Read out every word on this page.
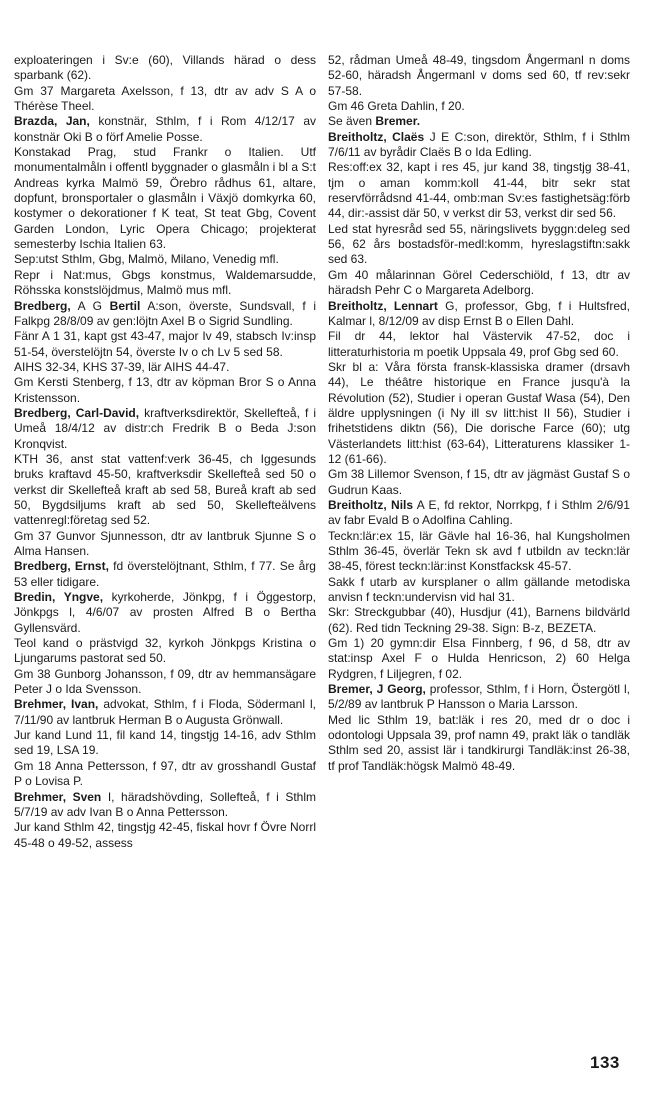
exploateringen i Sv:e (60), Villands härad o dess sparbank (62).

Gm 37 Margareta Axelsson, f 13, dtr av adv S A o Thérèse Theel.

Brazda, Jan, konstnär, Sthlm, f i Rom 4/12/17 av konstnär Oki B o förf Amelie Posse.

Konstakad Prag, stud Frankr o Italien. Utf monumentalmåln i offentl byggnader o glasmåln i bl a S:t Andreas kyrka Malmö 59, Örebro rådhus 61, altare, dopfunt, bronsportaler o glasmåln i Växjö domkyrka 60, kostymer o dekorationer f K teat, St teat Gbg, Covent Garden London, Lyric Opera Chicago; projekterat semesterby Ischia Italien 63.

Sep:utst Sthlm, Gbg, Malmö, Milano, Venedig mfl.

Repr i Nat:mus, Gbgs konstmus, Waldemarsudde, Röhsska konstslöjdmus, Malmö mus mfl.

Bredberg, A G Bertil A:son, överste, Sundsvall, f i Falkpg 28/8/09 av gen:löjtn Axel B o Sigrid Sundling.

Fänr A 1 31, kapt gst 43-47, major Iv 49, stabsch Iv:insp 51-54, överstelöjtn 54, överste Iv o ch Lv 5 sed 58.

AIHS 32-34, KHS 37-39, lär AIHS 44-47.

Gm Kersti Stenberg, f 13, dtr av köpman Bror S o Anna Kristensson.

Bredberg, Carl-David, kraftverksdirektör, Skellefteå, f i Umeå 18/4/12 av distr:ch Fredrik B o Beda J:son Kronqvist.

KTH 36, anst stat vattenf:verk 36-45, ch Iggesunds bruks kraftavd 45-50, kraftverksdir Skellefteå sed 50 o verkst dir Skellefteå kraft ab sed 58, Bureå kraft ab sed 50, Bygdsiljums kraft ab sed 50, Skellefteälvens vattenregl:företag sed 52.

Gm 37 Gunvor Sjunnesson, dtr av lantbruk Sjunne S o Alma Hansen.

Bredberg, Ernst, fd överstelöjtnant, Sthlm, f 77. Se årg 53 eller tidigare.

Bredin, Yngve, kyrkoherde, Jönkpg, f i Öggestorp, Jönkpgs l, 4/6/07 av prosten Alfred B o Bertha Gyllensvärd.

Teol kand o prästvigd 32, kyrkoh Jönkpgs Kristina o Ljungarums pastorat sed 50.

Gm 38 Gunborg Johansson, f 09, dtr av hemmansägare Peter J o Ida Svensson.

Brehmer, Ivan, advokat, Sthlm, f i Floda, Södermanl l, 7/11/90 av lantbruk Herman B o Augusta Grönwall.

Jur kand Lund 11, fil kand 14, tingstjg 14-16, adv Sthlm sed 19, LSA 19.

Gm 18 Anna Pettersson, f 97, dtr av grosshandl Gustaf P o Lovisa P.

Brehmer, Sven I, häradshövding, Sollefteå, f i Sthlm 5/7/19 av adv Ivan B o Anna Pettersson.

Jur kand Sthlm 42, tingstjg 42-45, fiskal hovr f Övre Norrl 45-48 o 49-52, assess

52, rådman Umeå 48-49, tingsdom Ångermanl n doms 52-60, häradsh Ångermanl v doms sed 60, tf rev:sekr 57-58.

Gm 46 Greta Dahlin, f 20.

Se även Bremer.

Breitholtz, Claës J E C:son, direktör, Sthlm, f i Sthlm 7/6/11 av byrådir Claës B o Ida Edling.

Res:off:ex 32, kapt i res 45, jur kand 38, tingstjg 38-41, tjm o aman komm:koll 41-44, bitr sekr stat reservförrådsnd 41-44, omb:man Sv:es fastighetsäg:förb 44, dir:-assist där 50, v verkst dir 53, verkst dir sed 56.

Led stat hyresråd sed 55, näringslivets byggn:deleg sed 56, 62 års bostadsför-medl:komm, hyreslagstiftn:sakk sed 63.

Gm 40 målarinnan Görel Cederschiöld, f 13, dtr av häradsh Pehr C o Margareta Adelborg.

Breitholtz, Lennart G, professor, Gbg, f i Hultsfred, Kalmar l, 8/12/09 av disp Ernst B o Ellen Dahl.

Fil dr 44, lektor hal Västervik 47-52, doc i litteraturhistoria m poetik Uppsala 49, prof Gbg sed 60.

Skr bl a: Våra första fransk-klassiska dramer (drsavh 44), Le théâtre historique en France jusqu'à la Révolution (52), Studier i operan Gustaf Wasa (54), Den äldre upplysningen (i Ny ill sv litt:hist II 56), Studier i frihetstidens diktn (56), Die dorische Farce (60); utg Västerlandets litt:hist (63-64), Litteraturens klassiker 1-12 (61-66).

Gm 38 Lillemor Svenson, f 15, dtr av jägmäst Gustaf S o Gudrun Kaas.

Breitholtz, Nils A E, fd rektor, Norrkpg, f i Sthlm 2/6/91 av fabr Evald B o Adolfina Cahling.

Teckn:lär:ex 15, lär Gävle hal 16-36, hal Kungsholmen Sthlm 36-45, överlär Tekn sk avd f utbildn av teckn:lär 38-45, förest teckn:lär:inst Konstfacksk 45-57.

Sakk f utarb av kursplaner o allm gällande metodiska anvisn f teckn:undervisn vid hal 31.

Skr: Streckgubbar (40), Husdjur (41), Barnens bildvärld (62). Red tidn Teckning 29-38. Sign: B-z, BEZETA.

Gm 1) 20 gymn:dir Elsa Finnberg, f 96, d 58, dtr av stat:insp Axel F o Hulda Henricson, 2) 60 Helga Rydgren, f Liljegren, f 02.

Bremer, J Georg, professor, Sthlm, f i Horn, Östergötl l, 5/2/89 av lantbruk P Hansson o Maria Larsson.

Med lic Sthlm 19, bat:läk i res 20, med dr o doc i odontologi Uppsala 39, prof namn 49, prakt läk o tandläk Sthlm sed 20, assist lär i tandkirurgi Tandläk:inst 26-38, tf prof Tandläk:högsk Malmö 48-49.

133
